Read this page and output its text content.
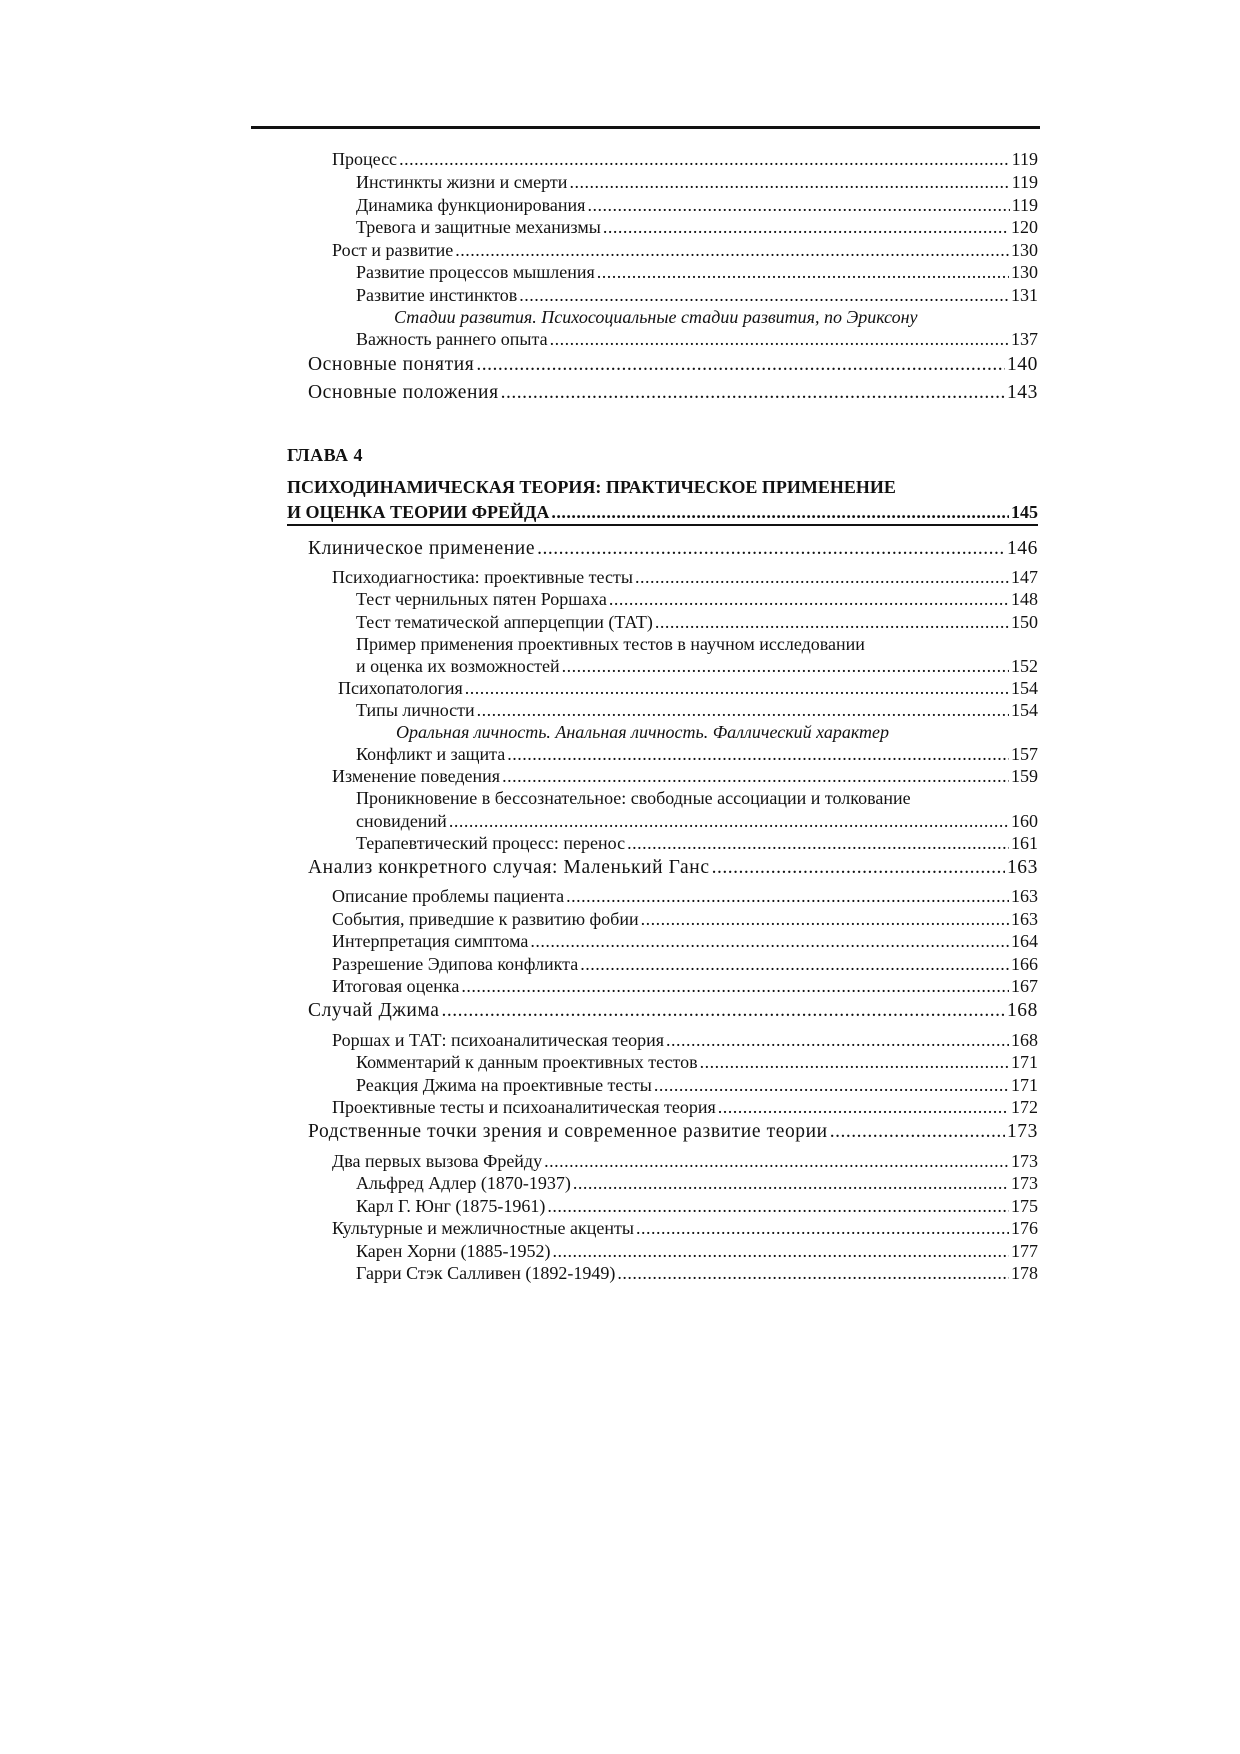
Процесс .....	119
Инстинкты жизни и смерти .....	119
Динамика функционирования .....	119
Тревога и защитные механизмы .....	120
Рост и развитие .....	130
Развитие процессов мышления .....	130
Развитие инстинктов .....	131
Стадии развития. Психосоциальные стадии развития, по Эриксону
Важность раннего опыта .....	137
Основные понятия .....	140
Основные положения .....	143
ГЛАВА 4
ПСИХОДИНАМИЧЕСКАЯ ТЕОРИЯ: ПРАКТИЧЕСКОЕ ПРИМЕНЕНИЕ
И ОЦЕНКА ТЕОРИИ ФРЕЙДА .....	145
Клиническое применение .....	146
Психодиагностика: проективные тесты .....	147
Тест чернильных пятен Роршаха .....	148
Тест тематической апперцепции (ТАТ) .....	150
Пример применения проективных тестов в научном исследовании
и оценка их возможностей .....	152
Психопатология .....	154
Типы личности .....	154
Оральная личность. Анальная личность. Фаллический характер
Конфликт и защита .....	157
Изменение поведения .....	159
Проникновение в бессознательное: свободные ассоциации и толкование
сновидений .....	160
Терапевтический процесс: перенос .....	161
Анализ конкретного случая: Маленький Ганс .....	163
Описание проблемы пациента .....	163
События, приведшие к развитию фобии .....	163
Интерпретация симптома .....	164
Разрешение Эдипова конфликта .....	166
Итоговая оценка .....	167
Случай Джима .....	168
Роршах и ТАТ: психоаналитическая теория .....	168
Комментарий к данным проективных тестов .....	171
Реакция Джима на проективные тесты .....	171
Проективные тесты и психоаналитическая теория .....	172
Родственные точки зрения и современное развитие теории .....	173
Два первых вызова Фрейду .....	173
Альфред Адлер (1870-1937) .....	173
Карл Г. Юнг (1875-1961) .....	175
Культурные и межличностные акценты .....	176
Карен Хорни (1885-1952) .....	177
Гарри Стэк Салливен (1892-1949) .....	178
